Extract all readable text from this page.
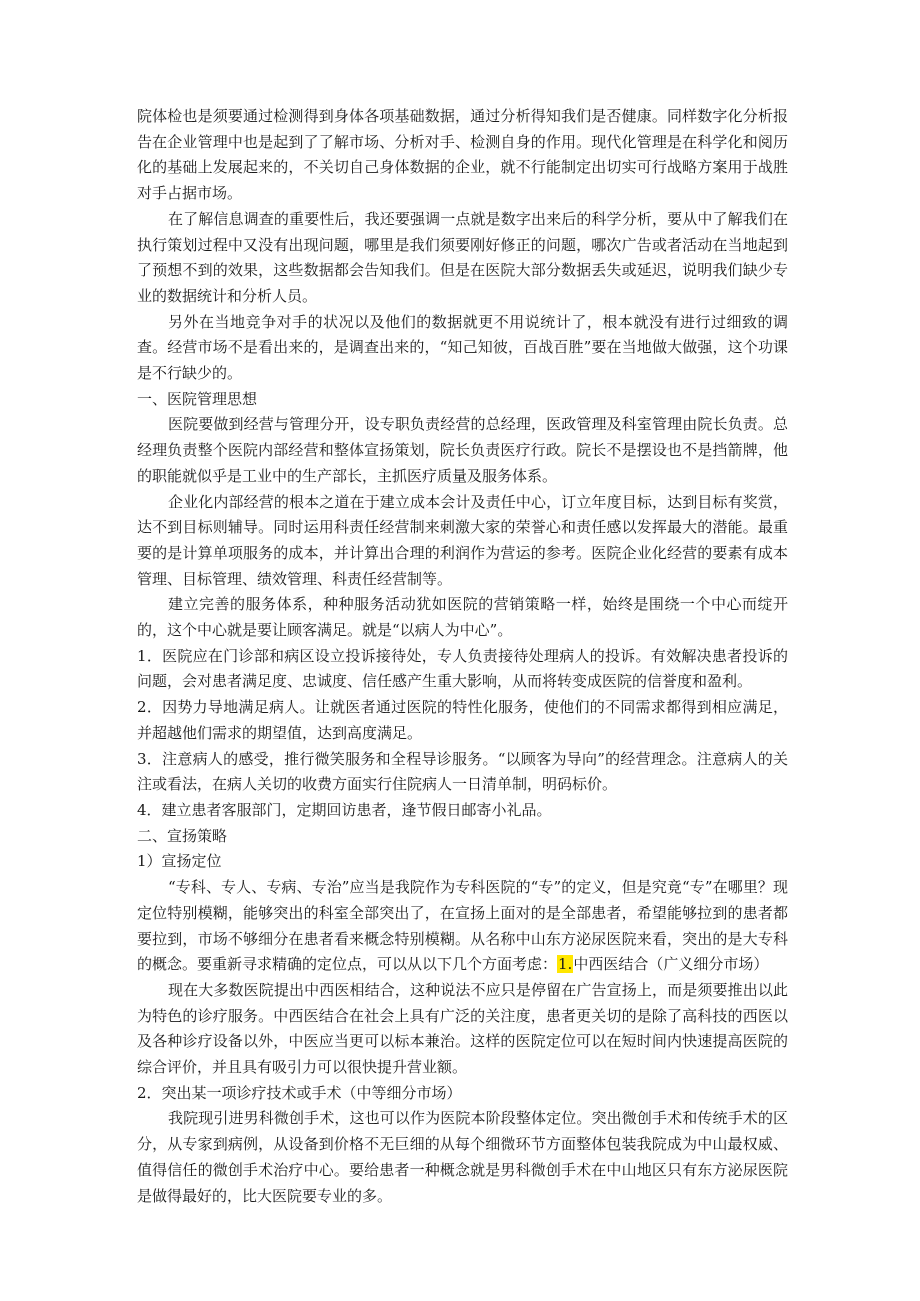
院体检也是须要通过检测得到身体各项基础数据，通过分析得知我们是否健康。同样数字化分析报告在企业管理中也是起到了了解市场、分析对手、检测自身的作用。现代化管理是在科学化和阅历化的基础上发展起来的，不关切自己身体数据的企业，就不行能制定出切实可行战略方案用于战胜对手占据市场。

在了解信息调查的重要性后，我还要强调一点就是数字出来后的科学分析，要从中了解我们在执行策划过程中又没有出现问题，哪里是我们须要刚好修正的问题，哪次广告或者活动在当地起到了预想不到的效果，这些数据都会告知我们。但是在医院大部分数据丢失或延迟，说明我们缺少专业的数据统计和分析人员。

另外在当地竞争对手的状况以及他们的数据就更不用说统计了，根本就没有进行过细致的调查。经营市场不是看出来的，是调查出来的，“知己知彼，百战百胜”要在当地做大做强，这个功课是不行缺少的。

一、医院管理思想

医院要做到经营与管理分开，设专职负责经营的总经理，医政管理及科室管理由院长负责。总经理负责整个医院内部经营和整体宣扬策划，院长负责医疗行政。院长不是摆设也不是挡箭牌，他的职能就似乎是工业中的生产部长，主抓医疗质量及服务体系。

企业化内部经营的根本之道在于建立成本会计及责任中心，订立年度目标，达到目标有奖赏，达不到目标则辅导。同时运用科责任经营制来刺激大家的荣誉心和责任感以发挥最大的潜能。最重要的是计算单项服务的成本，并计算出合理的利润作为营运的参考。医院企业化经营的要素有成本管理、目标管理、绩效管理、科责任经营制等。

建立完善的服务体系，种种服务活动犹如医院的营销策略一样，始终是围绕一个中心而绽开的，这个中心就是要让顾客满足。就是“以病人为中心”。

1．医院应在门诊部和病区设立投诉接待处，专人负责接待处理病人的投诉。有效解决患者投诉的问题，会对患者满足度、忠诚度、信任感产生重大影响，从而将转变成医院的信誉度和盈利。

2．因势力导地满足病人。让就医者通过医院的特性化服务，使他们的不同需求都得到相应满足，并超越他们需求的期望值，达到高度满足。

3．注意病人的感受，推行微笑服务和全程导诊服务。“以顾客为导向”的经营理念。注意病人的关注或看法，在病人关切的收费方面实行住院病人一日清单制，明码标价。

4．建立患者客服部门，定期回访患者，逢节假日邮寄小礼品。

二、宣扬策略

1）宣扬定位

“专科、专人、专病、专治”应当是我院作为专科医院的“专”的定义，但是究竟“专”在哪里？现定位特别模糊，能够突出的科室全部突出了，在宣扬上面对的是全部患者，希望能够拉到的患者都要拉到，市场不够细分在患者看来概念特别模糊。从名称中山东方泌尿医院来看，突出的是大专科的概念。要重新寻求精确的定位点，可以从以下几个方面考虑：1.中西医结合（广义细分市场）

现在大多数医院提出中西医相结合，这种说法不应只是停留在广告宣扬上，而是须要推出以此为特色的诊疗服务。中西医结合在社会上具有广泛的关注度，患者更关切的是除了高科技的西医以及各种诊疗设备以外，中医应当更可以标本兼治。这样的医院定位可以在短时间内快速提高医院的综合评价，并且具有吸引力可以很快提升营业额。

2．突出某一项诊疗技术或手术（中等细分市场）

我院现引进男科微创手术，这也可以作为医院本阶段整体定位。突出微创手术和传统手术的区分，从专家到病例，从设备到价格不无巨细的从每个细微环节方面整体包装我院成为中山最权威、值得信任的微创手术治疗中心。要给患者一种概念就是男科微创手术在中山地区只有东方泌尿医院是做得最好的，比大医院要专业的多。
